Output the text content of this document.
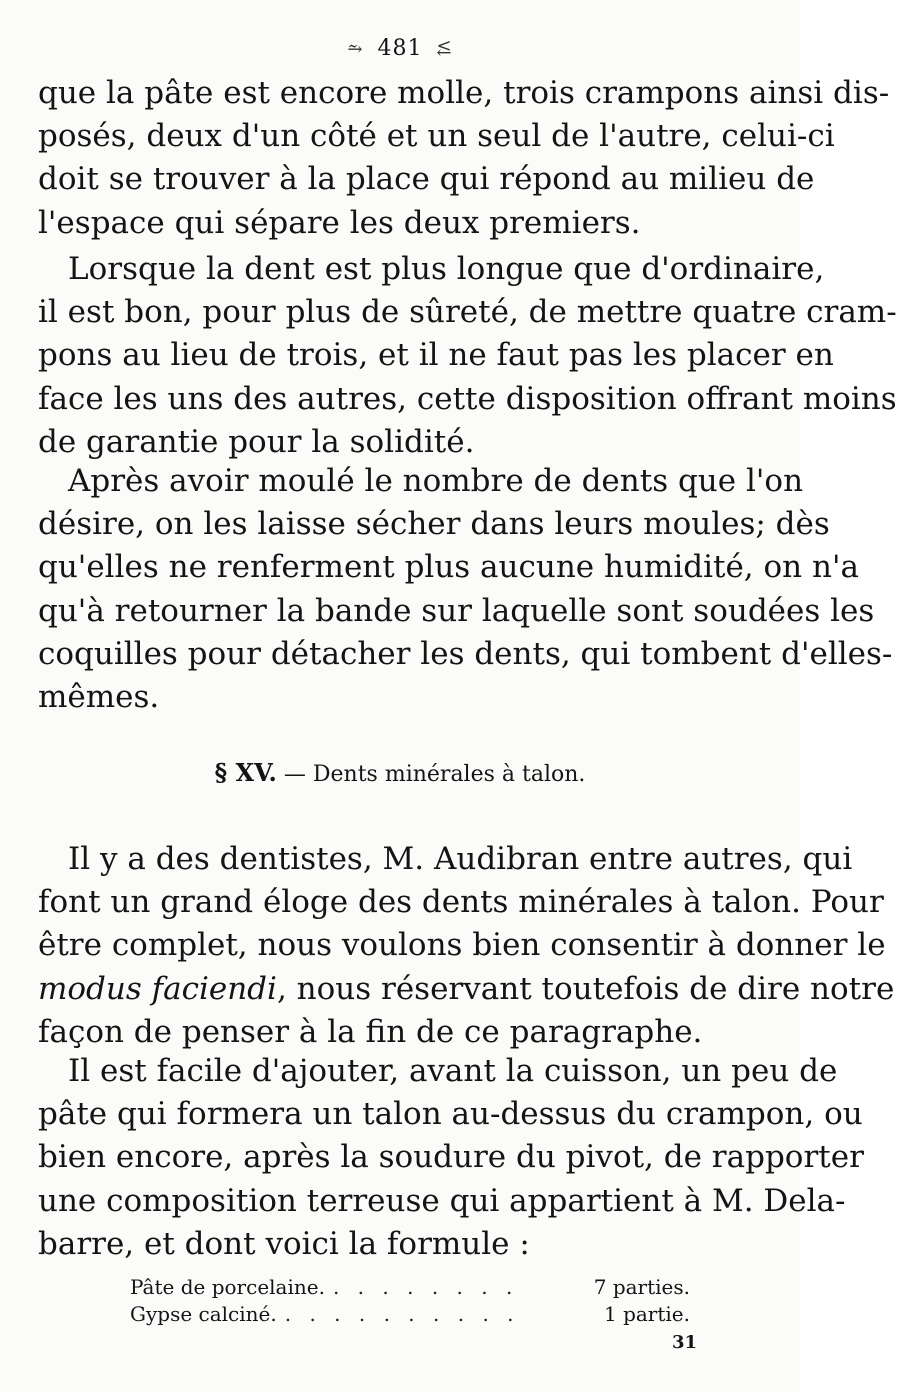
⥲ 481 ⥶
que la pâte est encore molle, trois crampons ainsi dis-
posés, deux d'un côté et un seul de l'autre, celui-ci
doit se trouver à la place qui répond au milieu de
l'espace qui sépare les deux premiers.
Lorsque la dent est plus longue que d'ordinaire,
il est bon, pour plus de sûreté, de mettre quatre cram-
pons au lieu de trois, et il ne faut pas les placer en
face les uns des autres, cette disposition offrant moins
de garantie pour la solidité.
Après avoir moulé le nombre de dents que l'on
désire, on les laisse sécher dans leurs moules; dès
qu'elles ne renferment plus aucune humidité, on n'a
qu'à retourner la bande sur laquelle sont soudées les
coquilles pour détacher les dents, qui tombent d'elles-
mêmes.
§ XV. — Dents minérales à talon.
Il y a des dentistes, M. Audibran entre autres, qui
font un grand éloge des dents minérales à talon. Pour
être complet, nous voulons bien consentir à donner le
modus faciendi, nous réservant toutefois de dire notre
façon de penser à la fin de ce paragraphe.
Il est facile d'ajouter, avant la cuisson, un peu de
pâte qui formera un talon au-dessus du crampon, ou
bien encore, après la soudure du pivot, de rapporter
une composition terreuse qui appartient à M. Dela-
barre, et dont voici la formule :
Pâte de porcelaine. . . . . . . . .	7 parties.
Gypse calciné. . . . . . . . . . .	1 partie.
31
